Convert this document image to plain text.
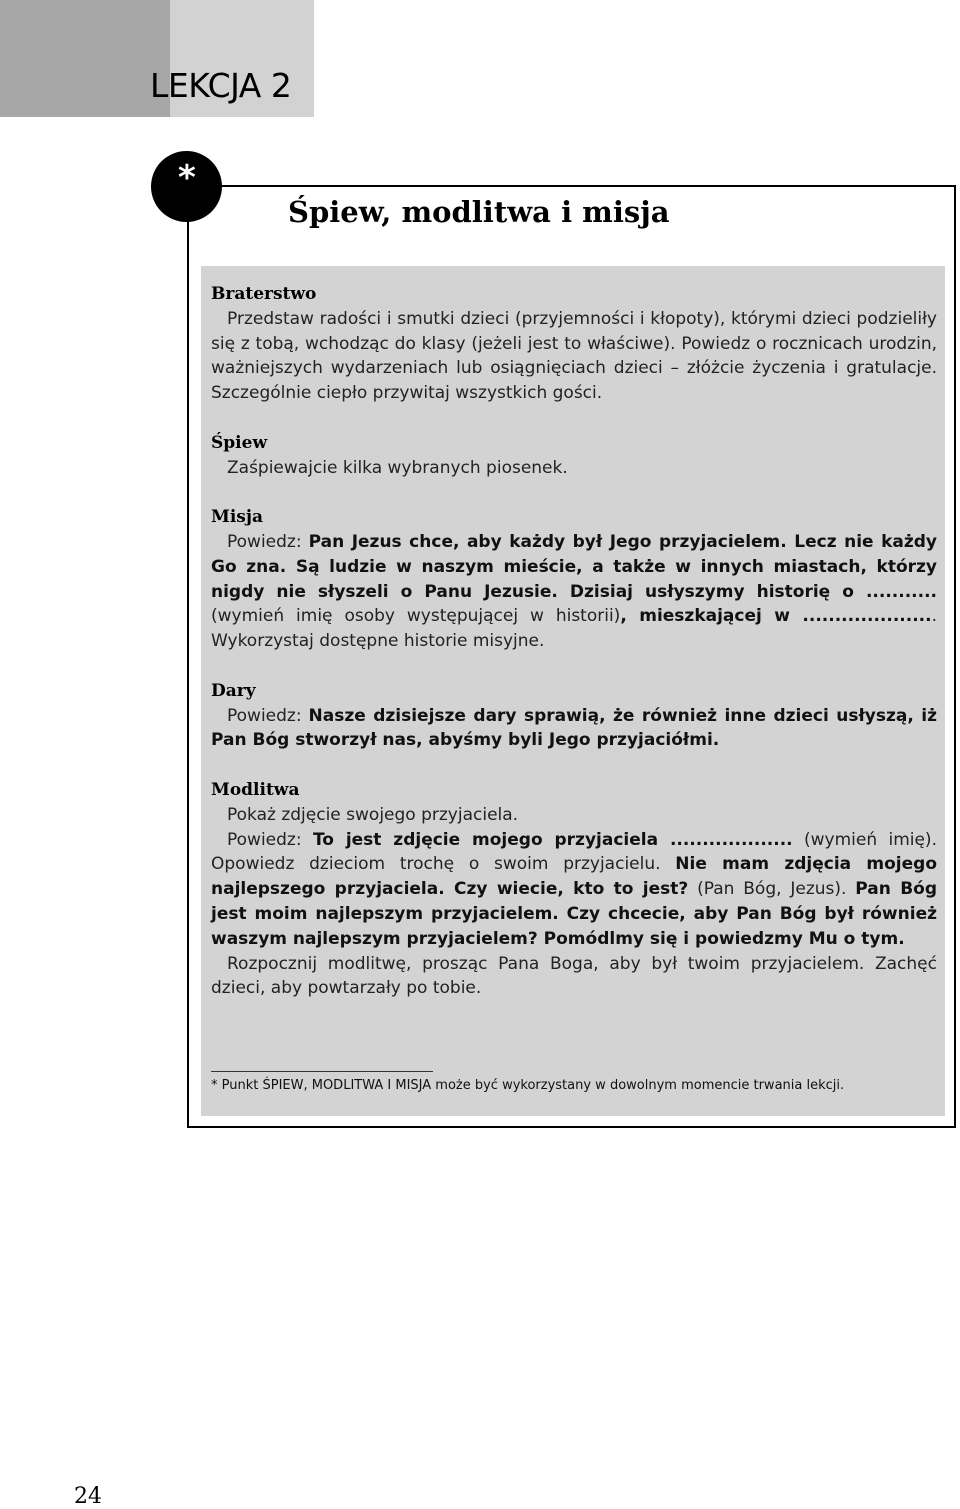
LEKCJA 2
*
Śpiew, modlitwa i misja
Braterstwo

Przedstaw radości i smutki dzieci (przyjemności i kłopoty), którymi dzieci podzieliły się z tobą, wchodząc do klasy (jeżeli jest to właściwe). Powiedz o rocznicach urodzin, ważniejszych wydarzeniach lub osiągnięciach dzieci – złóżcie życzenia i gratulacje. Szczególnie ciepło przywitaj wszystkich gości.

Śpiew

Zaśpiewajcie kilka wybranych piosenek.

Misja

Powiedz: Pan Jezus chce, aby każdy był Jego przyjacielem. Lecz nie każdy Go zna. Są ludzie w naszym mieście, a także w innych miastach, którzy nigdy nie słyszeli o Panu Jezusie. Dzisiaj usłyszymy historię o ........... (wymień imię osoby występującej w historii), mieszkającej w ..................... Wykorzystaj dostępne historie misyjne.

Dary

Powiedz: Nasze dzisiejsze dary sprawią, że również inne dzieci usłyszą, iż Pan Bóg stworzył nas, abyśmy byli Jego przyjaciółmi.

Modlitwa

Pokaż zdjęcie swojego przyjaciela.

Powiedz: To jest zdjęcie mojego przyjaciela ................... (wymień imię). Opowiedz dzieciom trochę o swoim przyjacielu. Nie mam zdjęcia mojego najlepszego przyjaciela. Czy wiecie, kto to jest? (Pan Bóg, Jezus). Pan Bóg jest moim najlepszym przyjacielem. Czy chcecie, aby Pan Bóg był również waszym najlepszym przyjacielem? Pomódlmy się i powiedzmy Mu o tym.

Rozpocznij modlitwę, prosząc Pana Boga, aby był twoim przyjacielem. Zachęć dzieci, aby powtarzały po tobie.

* Punkt ŚPIEW, MODLITWA I MISJA może być wykorzystany w dowolnym momencie trwania lekcji.
24
